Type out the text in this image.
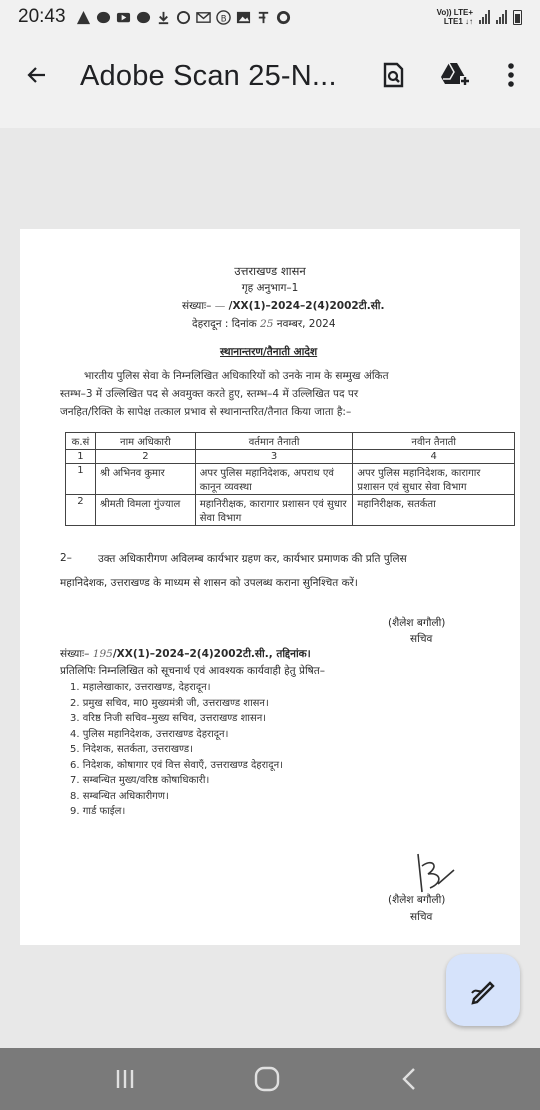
20:43	B
Vo)) LTE+
LTE1 ↓↑
Adobe Scan 25-N...
उत्तराखण्ड शासन
गृह अनुभाग–1
संख्याः– — /XX(1)–2024–2(4)2002टी.सी.
देहरादून : दिनांक 25 नवम्बर, 2024
स्थानान्तरण/तैनाती आदेश
भारतीय पुलिस सेवा के निम्नलिखित अधिकारियों को उनके नाम के सम्मुख अंकित
स्तम्भ–3 में उल्लिखित पद से अवमुक्त करते हुए, स्तम्भ–4 में उल्लिखित पद पर
जनहित/रिक्ति के सापेक्ष तत्काल प्रभाव से स्थानान्तरित/तैनात किया जाता है:–
क.सं	नाम अधिकारी	वर्तमान तैनाती	नवीन तैनाती
1	2	3	4
1	श्री अभिनव कुमार	अपर पुलिस महानिदेशक, अपराध एवं कानून व्यवस्था	अपर पुलिस महानिदेशक, कारागार प्रशासन एवं सुधार सेवा विभाग
2	श्रीमती विमला गुंज्याल	महानिरीक्षक, कारागार प्रशासन एवं सुधार सेवा विभाग	महानिरीक्षक, सतर्कता
2– उक्त अधिकारीगण अविलम्ब कार्यभार ग्रहण कर, कार्यभार प्रमाणक की प्रति पुलिस
महानिदेशक, उत्तराखण्ड के माध्यम से शासन को उपलब्ध कराना सुनिश्चित करें।
(शैलेश बगौली)
सचिव
संख्याः– 195/XX(1)–2024–2(4)2002टी.सी., तद्दिनांक।
प्रतिलिपिः निम्नलिखित को सूचनार्थ एवं आवश्यक कार्यवाही हेतु प्रेषित–
1. महालेखाकार, उत्तराखण्ड, देहरादून।
2. प्रमुख सचिव, मा0 मुख्यमंत्री जी, उत्तराखण्ड शासन।
3. वरिष्ठ निजी सचिव–मुख्य सचिव, उत्तराखण्ड शासन।
4. पुलिस महानिदेशक, उत्तराखण्ड देहरादून।
5. निदेशक, सतर्कता, उत्तराखण्ड।
6. निदेशक, कोषागार एवं वित्त सेवाएँ, उत्तराखण्ड देहरादून।
7. सम्बन्धित मुख्य/वरिष्ठ कोषाधिकारी।
8. सम्बन्धित अधिकारीगण।
9. गार्ड फाईल।
(शैलेश बगौली)
सचिव
